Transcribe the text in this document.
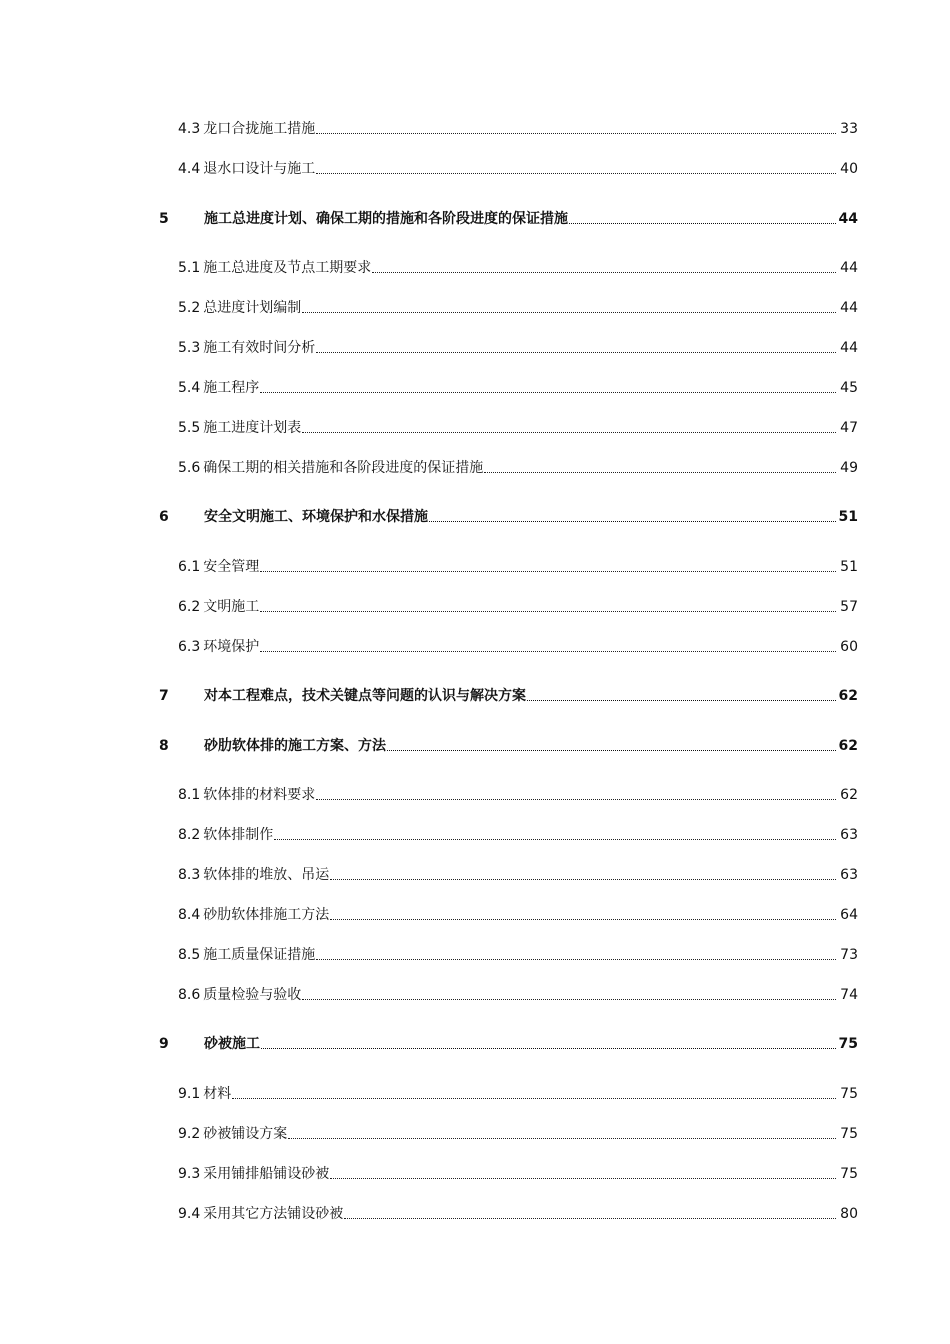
4.3 龙口合拢施工措施	33
4.4 退水口设计与施工	40
5	施工总进度计划、确保工期的措施和各阶段进度的保证措施	44
5.1 施工总进度及节点工期要求	44
5.2 总进度计划编制	44
5.3 施工有效时间分析	44
5.4 施工程序	45
5.5 施工进度计划表	47
5.6 确保工期的相关措施和各阶段进度的保证措施	49
6	安全文明施工、环境保护和水保措施	51
6.1 安全管理	51
6.2 文明施工	57
6.3 环境保护	60
7	对本工程难点，技术关键点等问题的认识与解决方案	62
8	砂肋软体排的施工方案、方法	62
8.1 软体排的材料要求	62
8.2 软体排制作	63
8.3 软体排的堆放、吊运	63
8.4 砂肋软体排施工方法	64
8.5 施工质量保证措施	73
8.6 质量检验与验收	74
9	砂被施工	75
9.1 材料	75
9.2 砂被铺设方案	75
9.3 采用铺排船铺设砂被	75
9.4 采用其它方法铺设砂被	80
